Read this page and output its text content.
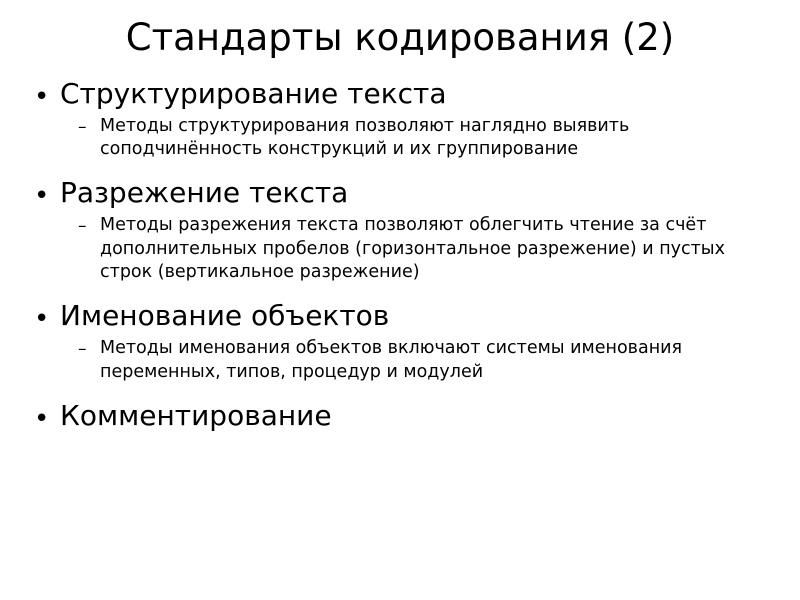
Стандарты кодирования (2)
• Структурирование текста
– Методы структурирования позволяют наглядно выявить соподчинённость конструкций и их группирование
• Разрежение текста
– Методы разрежения текста позволяют облегчить чтение за счёт дополнительных пробелов (горизонтальное разрежение) и пустых строк (вертикальное разрежение)
• Именование объектов
– Методы именования объектов включают системы именования переменных, типов, процедур и модулей
• Комментирование
